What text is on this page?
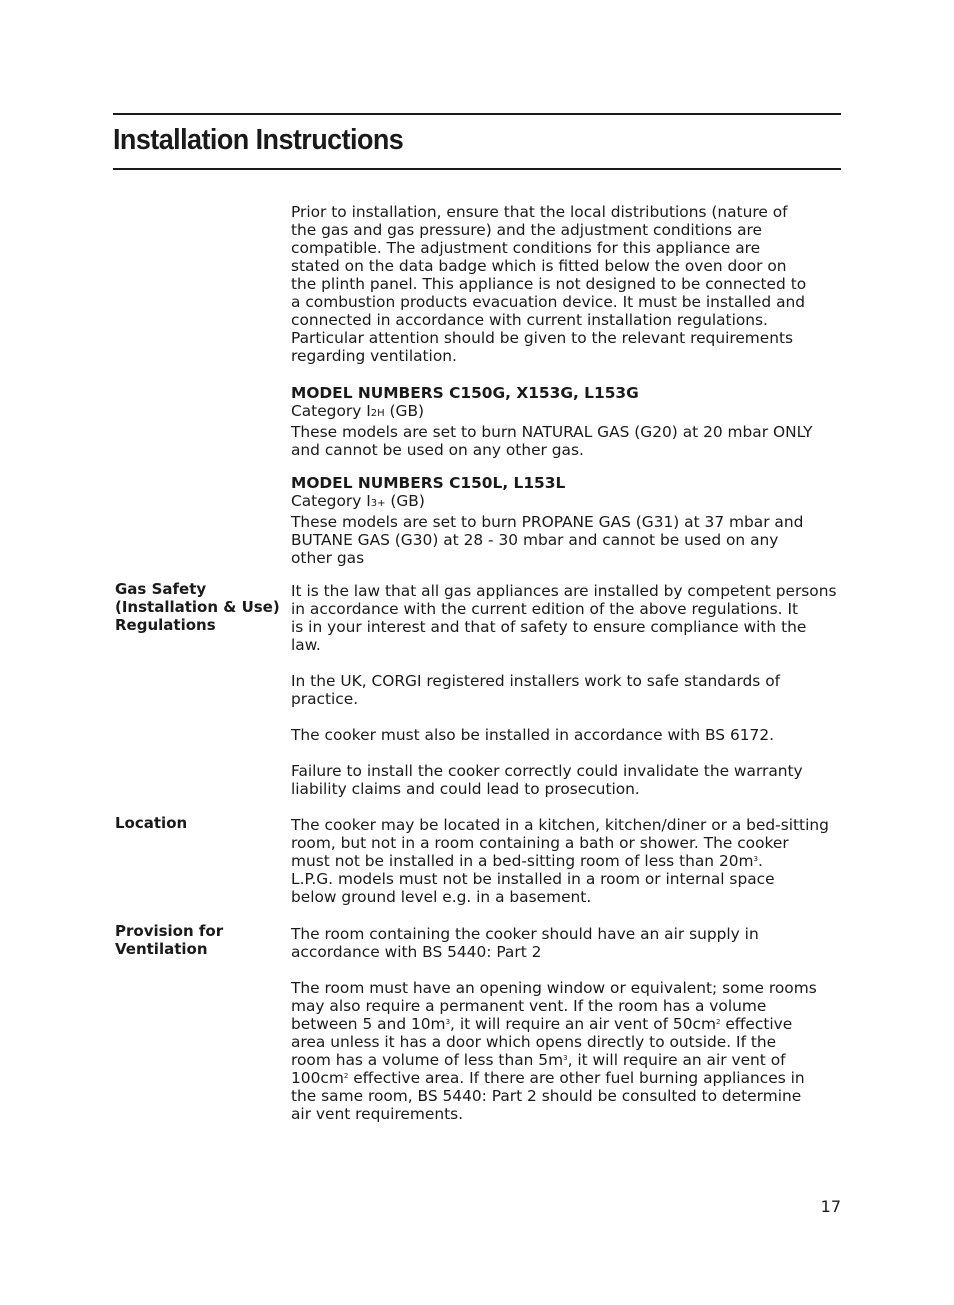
Installation Instructions

Prior to installation, ensure that the local distributions (nature of

the gas and gas pressure) and the adjustment conditions are

compatible. The adjustment conditions for this appliance are

stated on the data badge which is fitted below the oven door on

the plinth panel. This appliance is not designed to be connected to

a combustion products evacuation device. It must be installed and

connected in accordance with current installation regulations.

Particular attention should be given to the relevant requirements

regarding ventilation.

MODEL NUMBERS C150G, X153G, L153G

Category I2H (GB)

These models are set to burn NATURAL GAS (G20) at 20 mbar ONLY

and cannot be used on any other gas.

MODEL NUMBERS C150L, L153L

Category I3+ (GB)

These models are set to burn PROPANE GAS (G31) at 37 mbar and

BUTANE GAS (G30) at 28 - 30 mbar and cannot be used on any

other gas

Gas Safety
(Installation & Use)
Regulations

It is the law that all gas appliances are installed by competent persons

in accordance with the current edition of the above regulations. It

is in your interest and that of safety to ensure compliance with the

law.

In the UK, CORGI registered installers work to safe standards of

practice.

The cooker must also be installed in accordance with BS 6172.

Failure to install the cooker correctly could invalidate the warranty

liability claims and could lead to prosecution.

Location	The cooker may be located in a kitchen, kitchen/diner or a bed-sitting

room, but not in a room containing a bath or shower. The cooker

must not be installed in a bed-sitting room of less than $20m^3$.

L.P.G. models must not be installed in a room or internal space

below ground level e.g. in a basement.

Provision for
Ventilation

The room containing the cooker should have an air supply in

accordance with BS 5440: Part 2

The room must have an opening window or equivalent; some rooms

may also require a permanent vent. If the room has a volume

between 5 and $10m^3$, it will require an air vent of $50cm^2$ effective

area unless it has a door which opens directly to outside. If the

room has a volume of less than $5m^3$, it will require an air vent of

$100cm^2$ effective area. If there are other fuel burning appliances in

the same room, BS 5440: Part 2 should be consulted to determine

air vent requirements.

17
